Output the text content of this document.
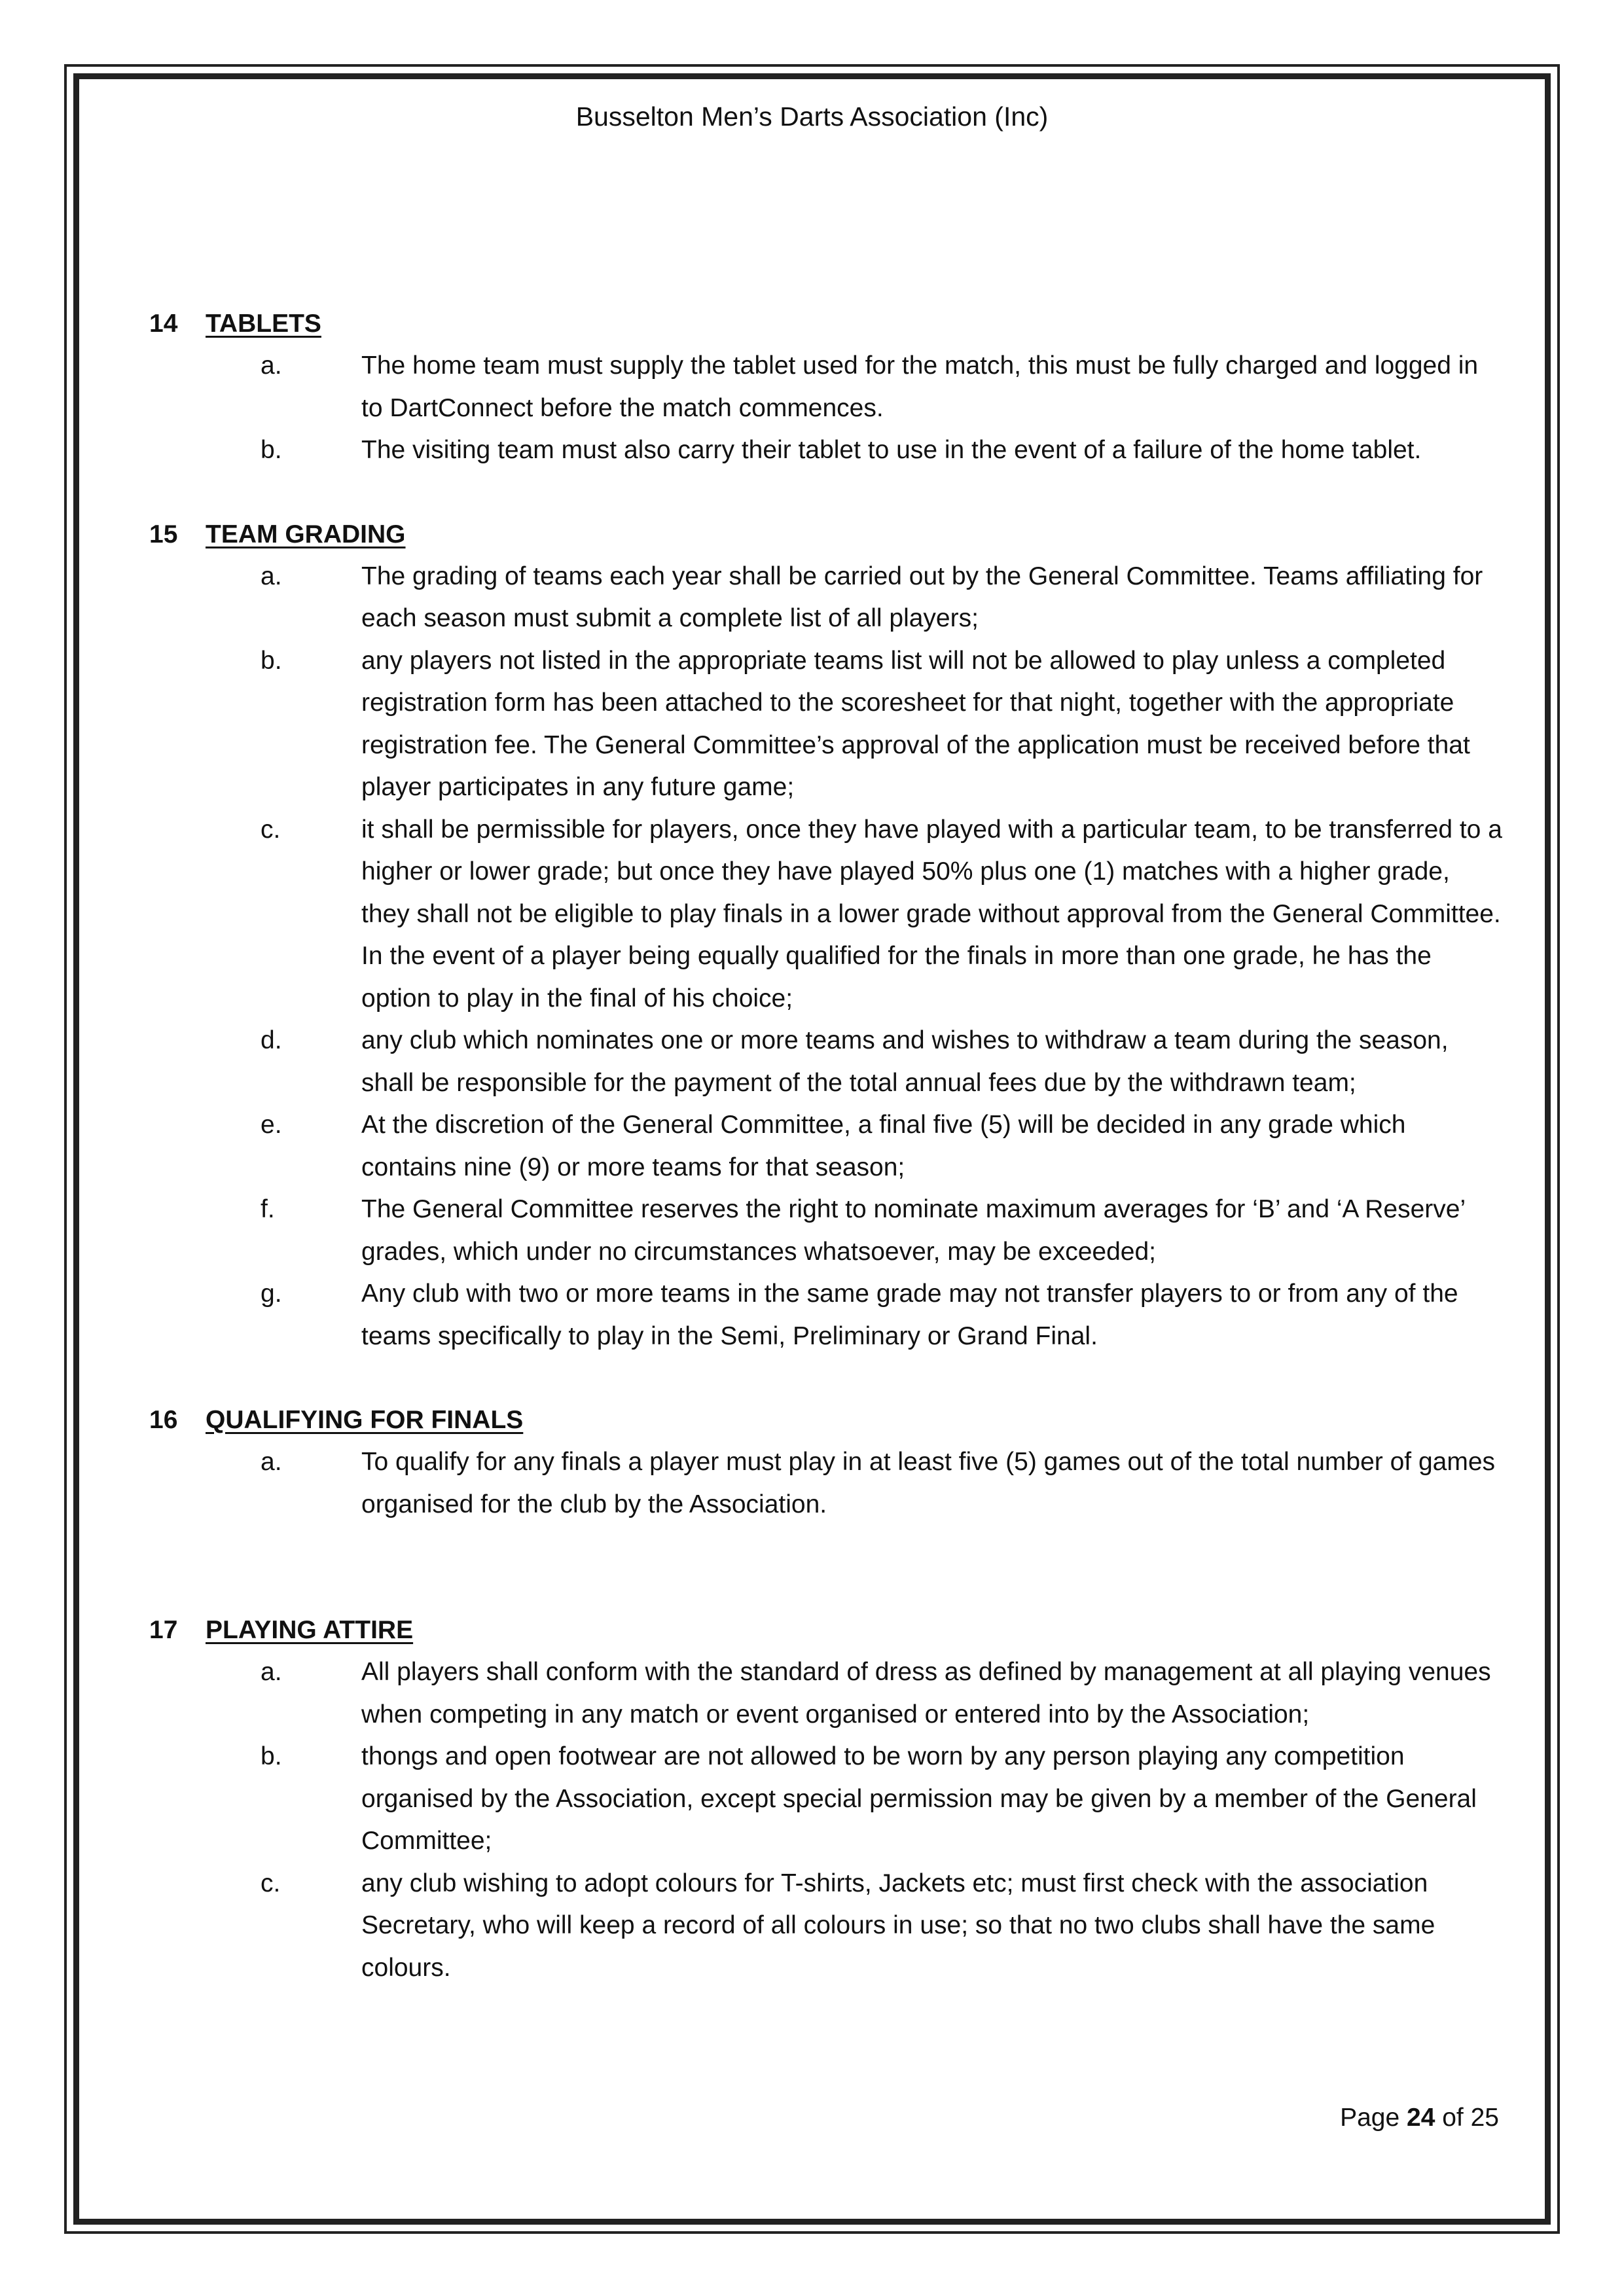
Busselton Men’s Darts Association (Inc)
14	TABLETS
a.	The home team must supply the tablet used for the match, this must be fully charged and logged in to DartConnect before the match commences.
b.	The visiting team must also carry their tablet to use in the event of a failure of the home tablet.
15	TEAM GRADING
a.	The grading of teams each year shall be carried out by the General Committee. Teams affiliating for each season must submit a complete list of all players;
b.	any players not listed in the appropriate teams list will not be allowed to play unless a completed registration form has been attached to the scoresheet for that night, together with the appropriate registration fee. The General Committee’s approval of the application must be received before that player participates in any future game;
c.	it shall be permissible for players, once they have played with a particular team, to be transferred to a higher or lower grade; but once they have played 50% plus one (1) matches with a higher grade, they shall not be eligible to play finals in a lower grade without approval from the General Committee. In the event of a player being equally qualified for the finals in more than one grade, he has the option to play in the final of his choice;
d.	any club which nominates one or more teams and wishes to withdraw a team during the season, shall be responsible for the payment of the total annual fees due by the withdrawn team;
e.	At the discretion of the General Committee, a final five (5) will be decided in any grade which contains nine (9) or more teams for that season;
f.	The General Committee reserves the right to nominate maximum averages for ‘B’ and ‘A Reserve’ grades, which under no circumstances whatsoever, may be exceeded;
g.	Any club with two or more teams in the same grade may not transfer players to or from any of the teams specifically to play in the Semi, Preliminary or Grand Final.
16	QUALIFYING FOR FINALS
a.	To qualify for any finals a player must play in at least five (5) games out of the total number of games organised for the club by the Association.
17	PLAYING ATTIRE
a.	All players shall conform with the standard of dress as defined by management at all playing venues when competing in any match or event organised or entered into by the Association;
b.	thongs and open footwear are not allowed to be worn by any person playing any competition organised by the Association, except special permission may be given by a member of the General Committee;
c.	any club wishing to adopt colours for T-shirts, Jackets etc; must first check with the association Secretary, who will keep a record of all colours in use; so that no two clubs shall have the same colours.
Page 24 of 25
